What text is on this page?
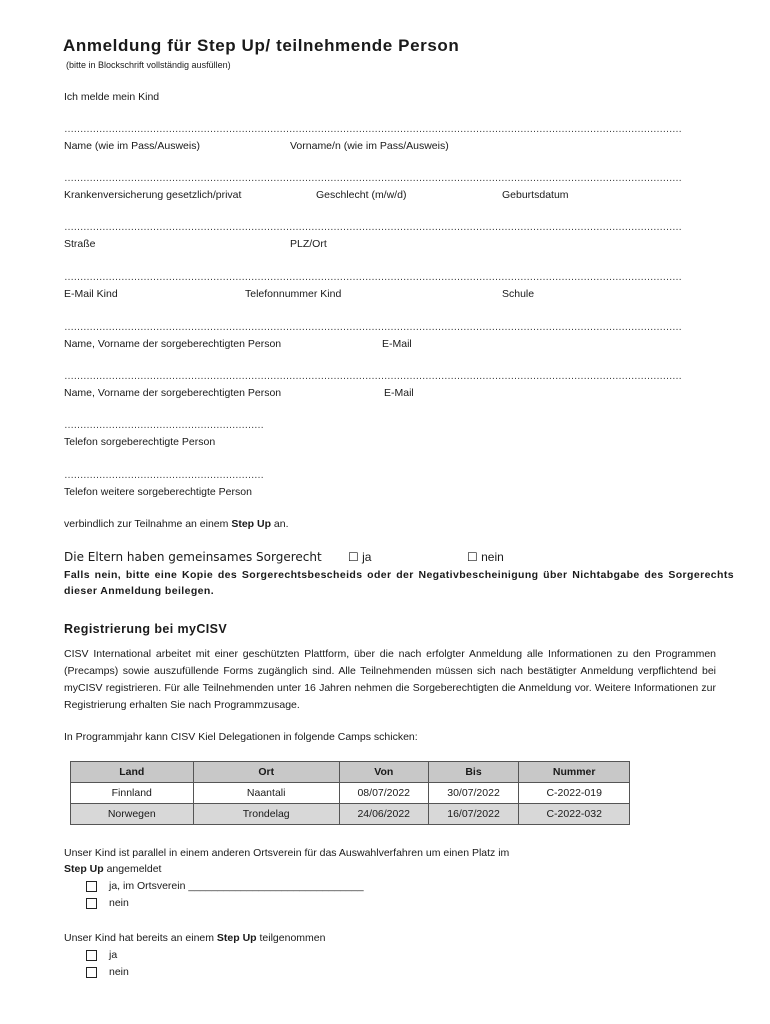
Anmeldung für Step Up/ teilnehmende Person
(bitte in Blockschrift vollständig ausfüllen)
Ich melde mein Kind
……………………………………………………………………………………………………………………………………………………………………………
Name (wie im Pass/Ausweis)	Vorname/n (wie im Pass/Ausweis)
……………………………………………………………………………………………………………………………………………………………………………
Krankenversicherung gesetzlich/privat	Geschlecht (m/w/d)	Geburtsdatum
……………………………………………………………………………………………………………………………………………………………………………
Straße	PLZ/Ort
……………………………………………………………………………………………………………………………………………………………………………
E-Mail Kind	Telefonnummer Kind	Schule
……………………………………………………………………………………………………………………………………………………………………………
Name, Vorname der sorgeberechtigten Person	E-Mail
……………………………………………………………………………………………………………………………………………………………………………
Name, Vorname der sorgeberechtigten Person	E-Mail
………………………………………………………
Telefon sorgeberechtigte Person
………………………………………………………
Telefon weitere sorgeberechtigte Person
verbindlich zur Teilnahme an einem Step Up an.
Die Eltern haben gemeinsames Sorgerecht ☐ ja	☐ nein
Falls nein, bitte eine Kopie des Sorgerechtsbescheids oder der Negativbescheinigung über Nichtabgabe des Sorgerechts dieser Anmeldung beilegen.
Registrierung bei myCISV
CISV International arbeitet mit einer geschützten Plattform, über die nach erfolgter Anmeldung alle Informationen zu den Programmen (Precamps) sowie auszufüllende Forms zugänglich sind. Alle Teilnehmenden müssen sich nach bestätigter Anmeldung verpflichtend bei myCISV registrieren. Für alle Teilnehmenden unter 16 Jahren nehmen die Sorgeberechtigten die Anmeldung vor. Weitere Informationen zur Registrierung erhalten Sie nach Programmzusage.
In Programmjahr kann CISV Kiel Delegationen in folgende Camps schicken:
Land	Ort	Von	Bis	Nummer
Finnland	Naantali	08/07/2022	30/07/2022	C-2022-019
Norwegen	Trondelag	24/06/2022	16/07/2022	C-2022-032
Unser Kind ist parallel in einem anderen Ortsverein für das Auswahlverfahren um einen Platz im
Step Up angemeldet
ja, im Ortsverein ______________________________
nein
Unser Kind hat bereits an einem Step Up teilgenommen
ja
nein
